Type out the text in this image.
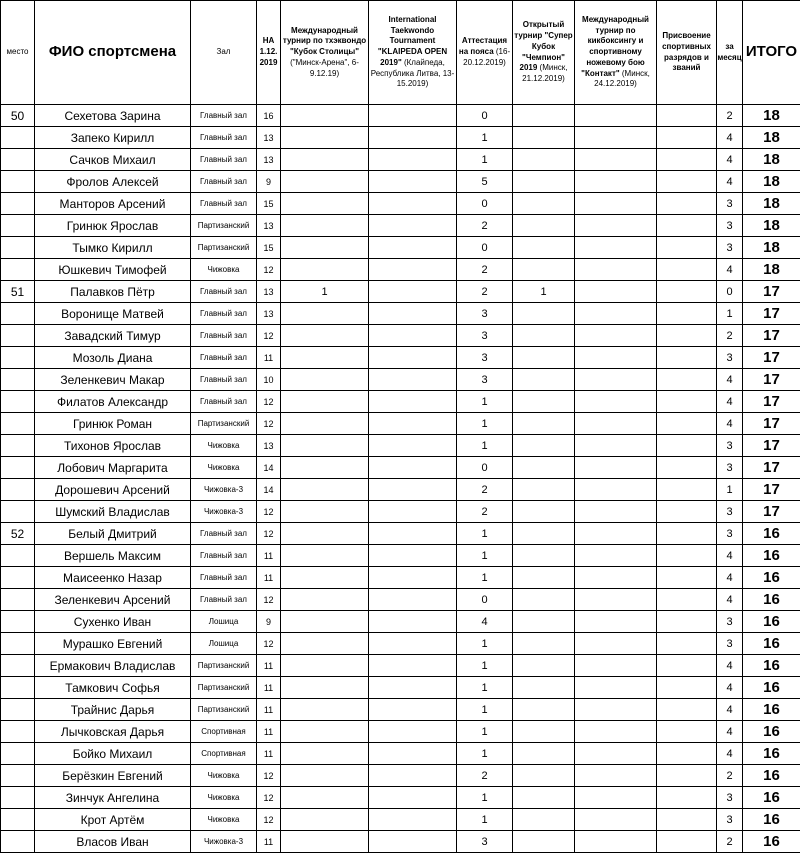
место	ФИО спортсмена	Зал	НА 1.12. 2019	Международный турнир по тхэквондо "Кубок Столицы" ("Минск-Арена", 6-9.12.19)	International Taekwondo Tournament "KLAIPEDA OPEN 2019" (Клайпеда, Республика Литва, 13-15.2019)	Аттестация на пояса (16-20.12.2019)	Открытый турнир "Супер Кубок "Чемпион" 2019 (Минск, 21.12.2019)	Международный турнир по кикбоксингу и спортивному ножевому бою "Контакт" (Минск, 24.12.2019)	Присвоение спортивных разрядов и званий	за месяц	ИТОГО
50	Сехетова Зарина	Главный зал	16			0				2	18
	Запеко Кирилл	Главный зал	13			1				4	18
	Сачков Михаил	Главный зал	13			1				4	18
	Фролов Алексей	Главный зал	9			5				4	18
	Манторов Арсений	Главный зал	15			0				3	18
	Гринюк Ярослав	Партизанский	13			2				3	18
	Тымко Кирилл	Партизанский	15			0				3	18
	Юшкевич Тимофей	Чижовка	12			2				4	18
51	Палавков Пётр	Главный зал	13	1		2	1			0	17
	Воронище Матвей	Главный зал	13			3				1	17
	Завадский Тимур	Главный зал	12			3				2	17
	Мозоль Диана	Главный зал	11			3				3	17
	Зеленкевич Макар	Главный зал	10			3				4	17
	Филатов Александр	Главный зал	12			1				4	17
	Гринюк Роман	Партизанский	12			1				4	17
	Тихонов Ярослав	Чижовка	13			1				3	17
	Лобович Маргарита	Чижовка	14			0				3	17
	Дорошевич Арсений	Чижовка-3	14			2				1	17
	Шумский Владислав	Чижовка-3	12			2				3	17
52	Белый Дмитрий	Главный зал	12			1				3	16
	Вершель Максим	Главный зал	11			1				4	16
	Маисеенко Назар	Главный зал	11			1				4	16
	Зеленкевич Арсений	Главный зал	12			0				4	16
	Сухенко Иван	Лошица	9			4				3	16
	Мурашко Евгений	Лошица	12			1				3	16
	Ермакович Владислав	Партизанский	11			1				4	16
	Тамкович Софья	Партизанский	11			1				4	16
	Трайнис Дарья	Партизанский	11			1				4	16
	Лычковская Дарья	Спортивная	11			1				4	16
	Бойко Михаил	Спортивная	11			1				4	16
	Берёзкин Евгений	Чижовка	12			2				2	16
	Зинчук Ангелина	Чижовка	12			1				3	16
	Крот Артём	Чижовка	12			1				3	16
	Власов Иван	Чижовка-3	11			3				2	16
